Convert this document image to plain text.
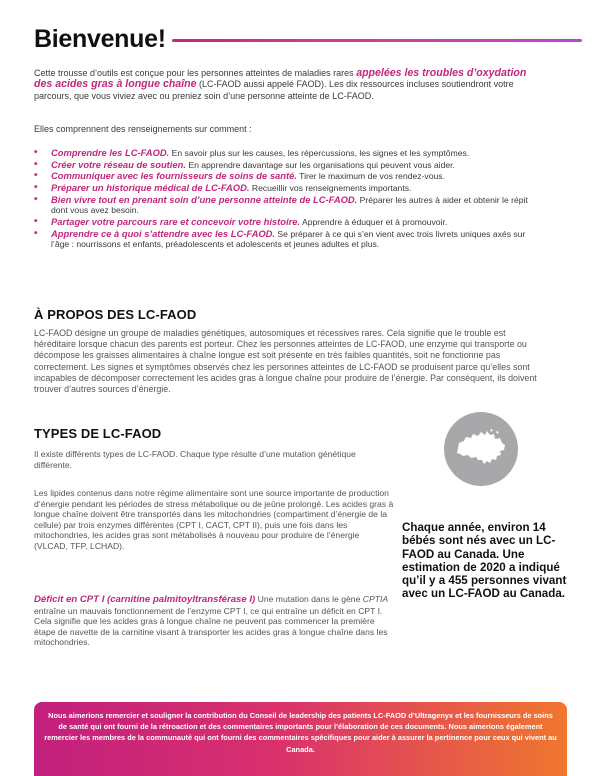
Bienvenue!
Cette trousse d’outils est conçue pour les personnes atteintes de maladies rares appelées les troubles d’oxydation des acides gras à longue chaîne (LC-FAOD aussi appelé FAOD). Les dix ressources incluses soutiendront votre parcours, que vous viviez avec ou preniez soin d’une personne atteinte de LC-FAOD.
Elles comprennent des renseignements sur comment :
• Comprendre les LC-FAOD. En savoir plus sur les causes, les répercussions, les signes et les symptômes.
• Créer votre réseau de soutien. En apprendre davantage sur les organisations qui peuvent vous aider.
• Communiquer avec les fournisseurs de soins de santé. Tirer le maximum de vos rendez-vous.
• Préparer un historique médical de LC-FAOD. Recueillir vos renseignements importants.
• Bien vivre tout en prenant soin d’une personne atteinte de LC-FAOD. Préparer les autres à aider et obtenir le répit dont vous avez besoin.
• Partager votre parcours rare et concevoir votre histoire. Apprendre à éduquer et à promouvoir.
• Apprendre ce à quoi s’attendre avec les LC-FAOD. Se préparer à ce qui s’en vient avec trois livrets uniques axés sur l’âge : nourrissons et enfants, préadolescents et adolescents et jeunes adultes et plus.
À PROPOS DES LC-FAOD
LC-FAOD désigne un groupe de maladies génétiques, autosomiques et récessives rares. Cela signifie que le trouble est héréditaire lorsque chacun des parents est porteur. Chez les personnes atteintes de LC-FAOD, une enzyme qui transporte ou décompose les graisses alimentaires à chaîne longue est soit présente en très faibles quantités, soit ne fonctionne pas correctement. Les signes et symptômes observés chez les personnes atteintes de LC-FAOD se produisent parce qu’elles sont incapables de décomposer correctement les acides gras à longue chaîne pour produire de l’énergie. Par conséquent, ils doivent trouver d’autres sources d’énergie.
TYPES DE LC-FAOD
Il existe différents types de LC-FAOD. Chaque type résulte d’une mutation génétique différente.
Les lipides contenus dans notre régime alimentaire sont une source importante de production d’énergie pendant les périodes de stress métabolique ou de jeûne prolongé. Les acides gras à longue chaîne doivent être transportés dans les mitochondries (compartiment d’énergie de la cellule) par trois enzymes différentes (CPT I, CACT, CPT II), puis une fois dans les mitochondries, les acides gras sont métabolisés à nouveau pour produire de l’énergie (VLCAD, TFP, LCHAD).
Déficit en CPT I (carnitine palmitoyltransférase I) Une mutation dans le gène CPTIA entraîne un mauvais fonctionnement de l’enzyme CPT I, ce qui entraîne un déficit en CPT I. Cela signifie que les acides gras à longue chaîne ne peuvent pas commencer la première étape de navette de la carnitine visant à transporter les acides gras à longue chaîne dans les mitochondries.
Chaque année, environ 14 bébés sont nés avec un LC-FAOD au Canada. Une estimation de 2020 a indiqué qu’il y a 455 personnes vivant avec un LC-FAOD au Canada.

Nous aimerions remercier et souligner la contribution du Conseil de leadership des patients LC-FAOD d’Ultragenyx et les fournisseurs de soins de santé qui ont fourni de la rétroaction et des commentaires importants pour l’élaboration de ces documents. Nous aimerions également remercier les membres de la communauté qui ont fourni des commentaires spécifiques pour aider à assurer la pertinence pour ceux qui vivent au Canada.
